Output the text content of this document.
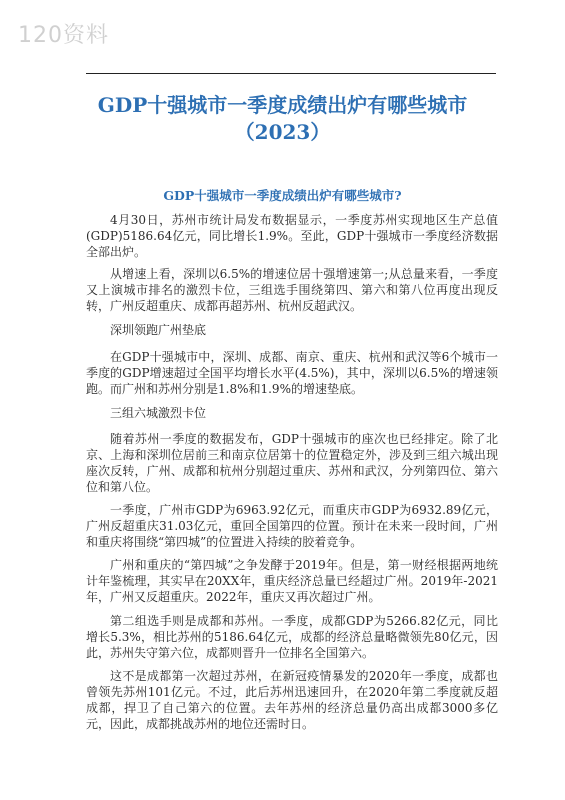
120资料
GDP十强城市一季度成绩出炉有哪些城市
（2023）
GDP十强城市一季度成绩出炉有哪些城市?
4月30日，苏州市统计局发布数据显示，一季度苏州实现地区生产总值(GDP)5186.64亿元，同比增长1.9%。至此，GDP十强城市一季度经济数据全部出炉。
从增速上看，深圳以6.5%的增速位居十强增速第一;从总量来看，一季度又上演城市排名的激烈卡位，三组选手围绕第四、第六和第八位再度出现反转，广州反超重庆、成都再超苏州、杭州反超武汉。
深圳领跑广州垫底
在GDP十强城市中，深圳、成都、南京、重庆、杭州和武汉等6个城市一季度的GDP增速超过全国平均增长水平(4.5%)，其中，深圳以6.5%的增速领跑。而广州和苏州分别是1.8%和1.9%的增速垫底。
三组六城激烈卡位
随着苏州一季度的数据发布，GDP十强城市的座次也已经排定。除了北京、上海和深圳位居前三和南京位居第十的位置稳定外，涉及到三组六城出现座次反转，广州、成都和杭州分别超过重庆、苏州和武汉，分列第四位、第六位和第八位。
一季度，广州市GDP为6963.92亿元，而重庆市GDP为6932.89亿元，广州反超重庆31.03亿元，重回全国第四的位置。预计在未来一段时间，广州和重庆将围绕“第四城”的位置进入持续的胶着竞争。
广州和重庆的“第四城”之争发酵于2019年。但是，第一财经根据两地统计年鉴梳理，其实早在20XX年，重庆经济总量已经超过广州。2019年-2021年，广州又反超重庆。2022年，重庆又再次超过广州。
第二组选手则是成都和苏州。一季度，成都GDP为5266.82亿元，同比增长5.3%，相比苏州的5186.64亿元，成都的经济总量略微领先80亿元，因此，苏州失守第六位，成都则晋升一位排名全国第六。
这不是成都第一次超过苏州，在新冠疫情暴发的2020年一季度，成都也曾领先苏州101亿元。不过，此后苏州迅速回升，在2020年第二季度就反超成都，捍卫了自己第六的位置。去年苏州的经济总量仍高出成都3000多亿元，因此，成都挑战苏州的地位还需时日。
